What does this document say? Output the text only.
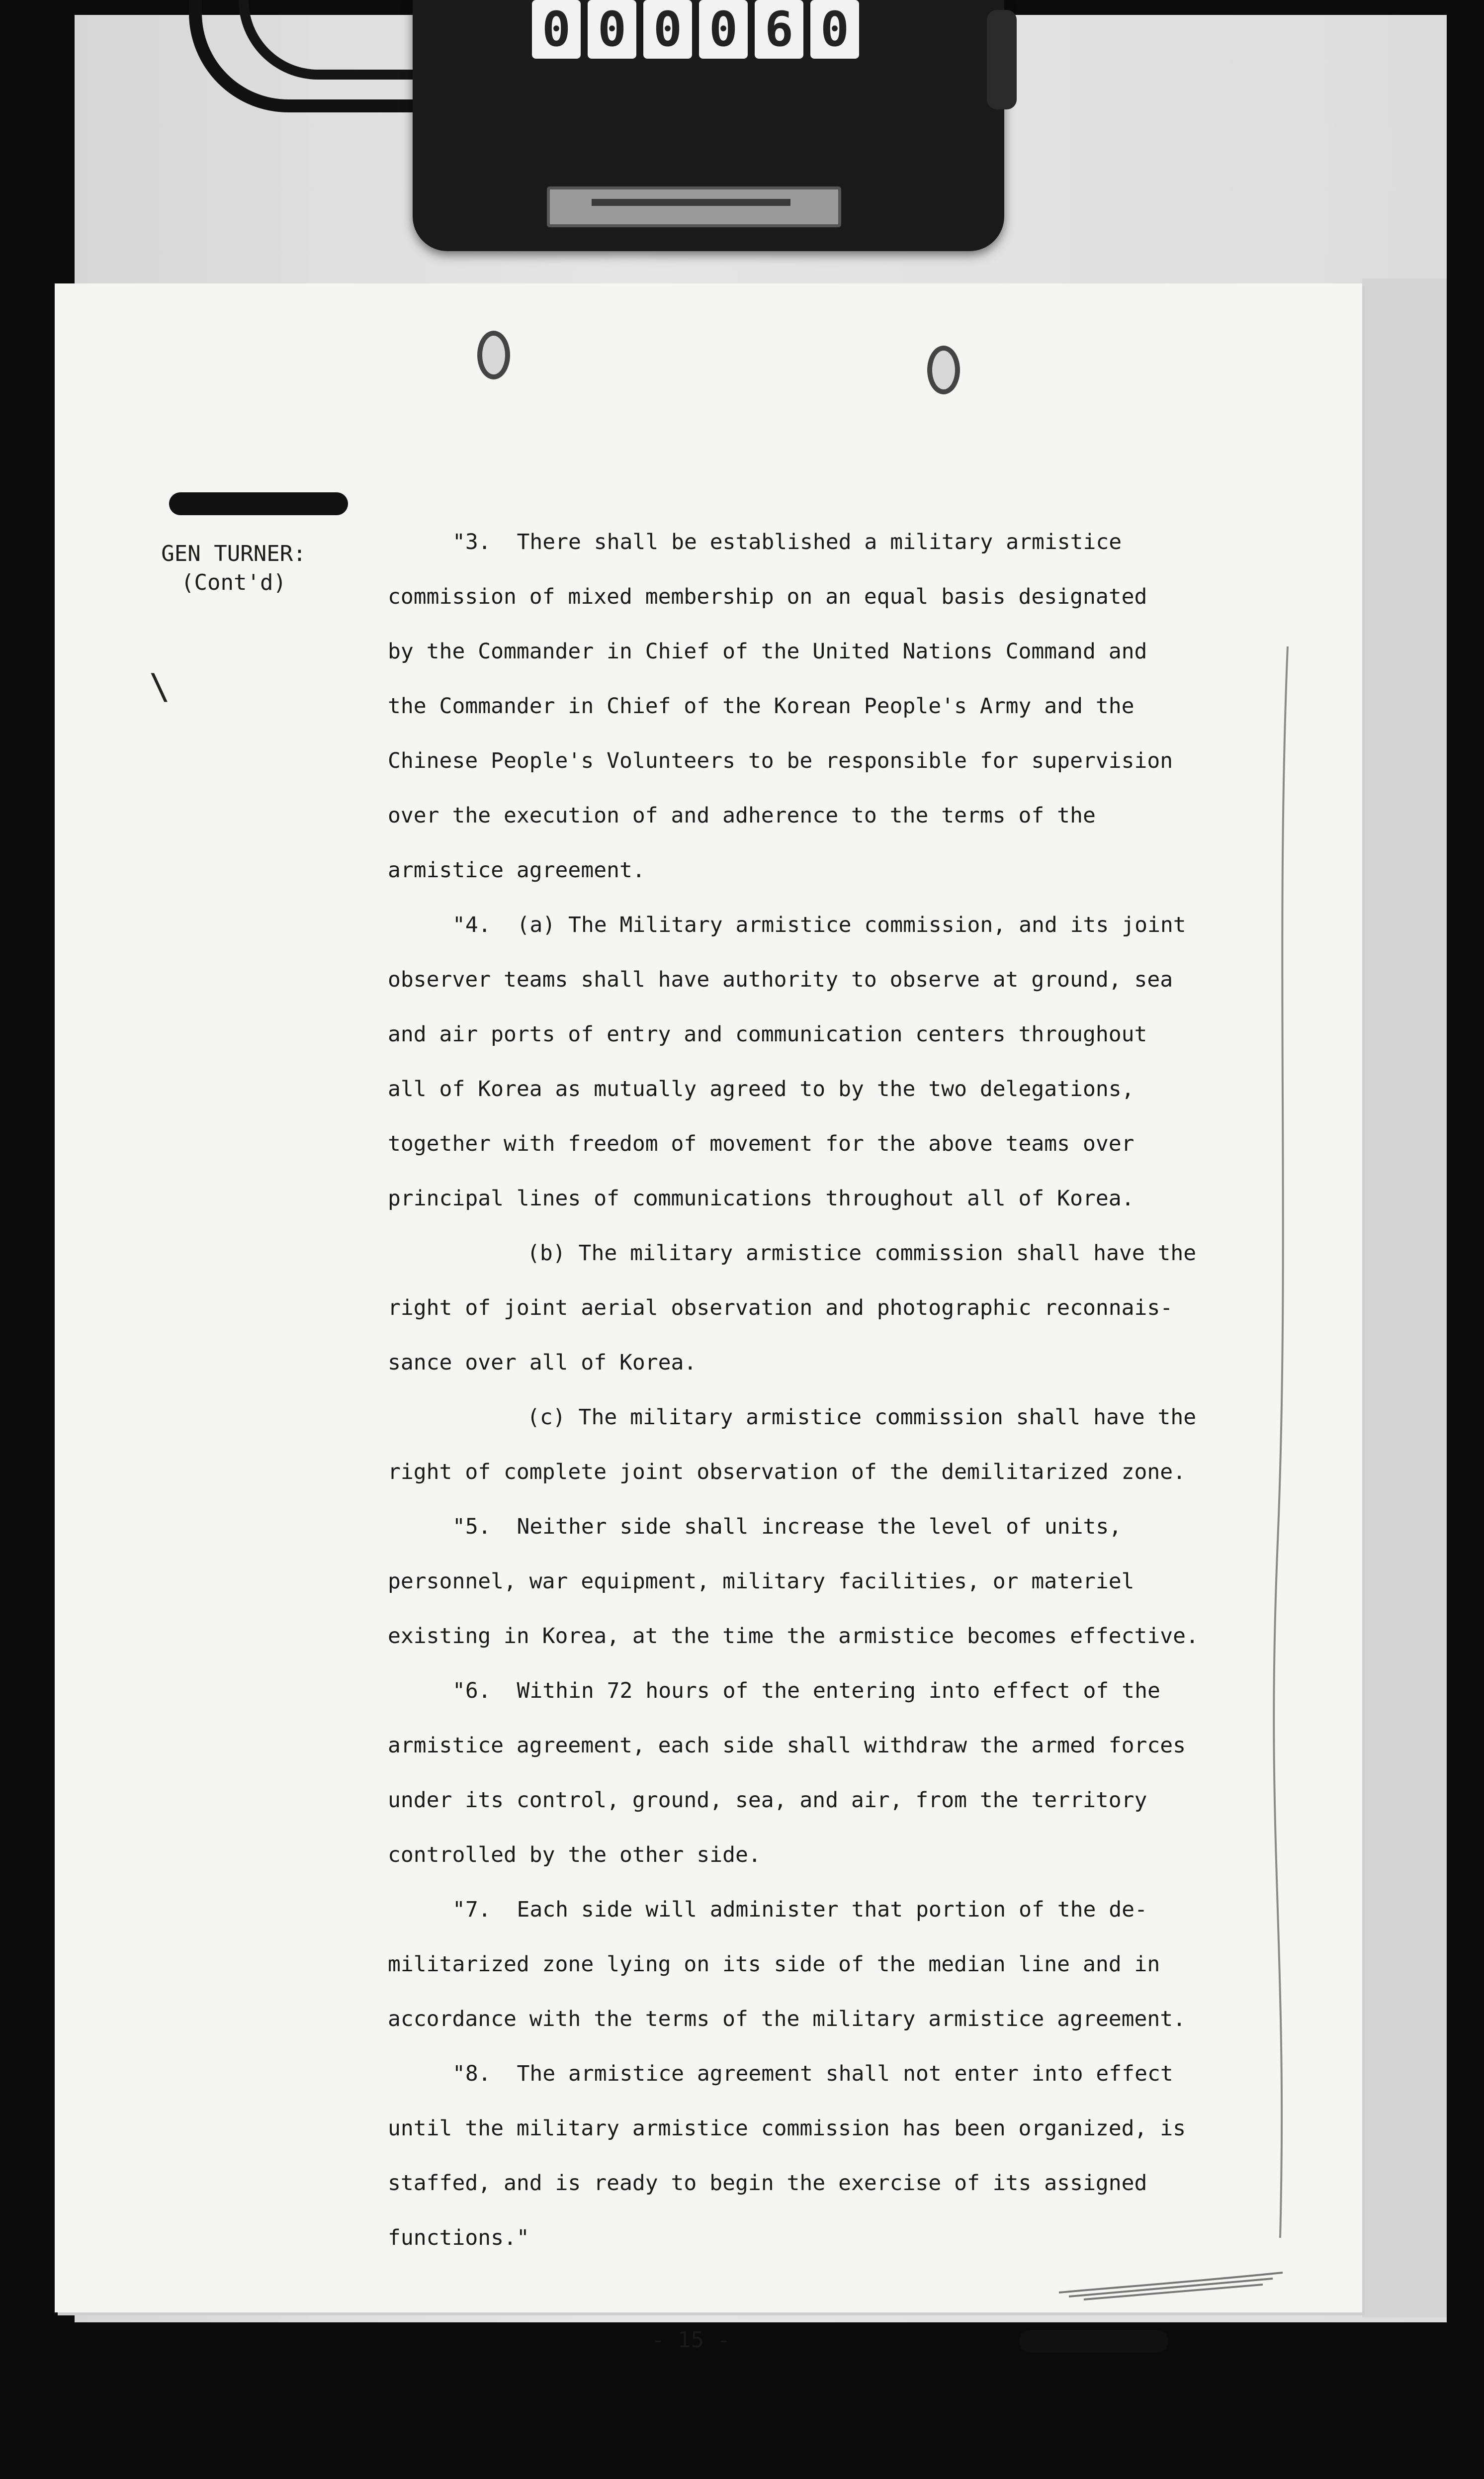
0 0 0 0 6 0
GEN TURNER:
(Cont'd)
\
"3.  There shall be established a military armistice
commission of mixed membership on an equal basis designated
by the Commander in Chief of the United Nations Command and
the Commander in Chief of the Korean People's Army and the
Chinese People's Volunteers to be responsible for supervision
over the execution of and adherence to the terms of the
armistice agreement.
"4.  (a) The Military armistice commission, and its joint
observer teams shall have authority to observe at ground, sea
and air ports of entry and communication centers throughout
all of Korea as mutually agreed to by the two delegations,
together with freedom of movement for the above teams over
principal lines of communications throughout all of Korea.
(b) The military armistice commission shall have the
right of joint aerial observation and photographic reconnais-
sance over all of Korea.
(c) The military armistice commission shall have the
right of complete joint observation of the demilitarized zone.
"5.  Neither side shall increase the level of units,
personnel, war equipment, military facilities, or materiel
existing in Korea, at the time the armistice becomes effective.
"6.  Within 72 hours of the entering into effect of the
armistice agreement, each side shall withdraw the armed forces
under its control, ground, sea, and air, from the territory
controlled by the other side.
"7.  Each side will administer that portion of the de-
militarized zone lying on its side of the median line and in
accordance with the terms of the military armistice agreement.
"8.  The armistice agreement shall not enter into effect
until the military armistice commission has been organized, is
staffed, and is ready to begin the exercise of its assigned
functions."
- 15 -
